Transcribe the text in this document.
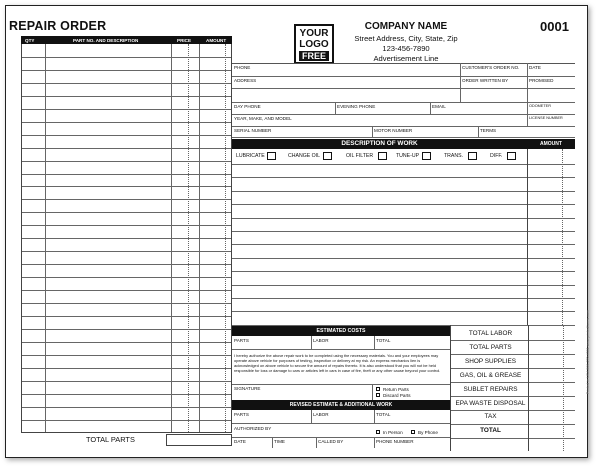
REPAIR ORDER
QTY	PART NO. AND DESCRIPTION	PRICE	AMOUNT
TOTAL PARTS
YOUR
LOGO
FREE
COMPANY NAME
Street Address, City, State, Zip
123-456-7890
Advertisement Line
0001
PHONE	CUSTOMER'S ORDER NO. DATE
ADDRESS	ORDER WRITTEN BY	PROMISED
DAY PHONE	EVENING PHONE	EMAIL	ODOMETER
YEAR, MAKE, AND MODEL	LICENSE NUMBER
SERIAL NUMBER	MOTOR NUMBER	TERMS
DESCRIPTION OF WORK	AMOUNT
LUBRICATE	CHANGE OIL	OIL FILTER	TUNE-UP	TRANS.	DIFF.
ESTIMATED COSTS
PARTS	LABOR	TOTAL
I hereby authorize the above repair work to be completed using the necessary materials. You and your employees may operate above vehicle for purposes of testing, inspection or delivery at my risk. An express mechanics lien is acknowledged on above vehicle to secure the amount of repairs thereto. It is also understood that you will not be held responsible for loss or damage to cars or articles left in cars in case of fire, theft or any other cause beyond your control.
SIGNATURE	Return Parts
Discard Parts
REVISED ESTIMATE & ADDITIONAL WORK
PARTS	LABOR	TOTAL
AUTHORIZED BY
In Person	By Phone
DATE	TIME	CALLED BY	PHONE NUMBER
TOTAL LABOR
TOTAL PARTS
SHOP SUPPLIES
GAS, OIL & GREASE
SUBLET REPAIRS
EPA WASTE DISPOSAL
TAX
TOTAL
Printed in USA 800-270-4581 www.printedforms.com
